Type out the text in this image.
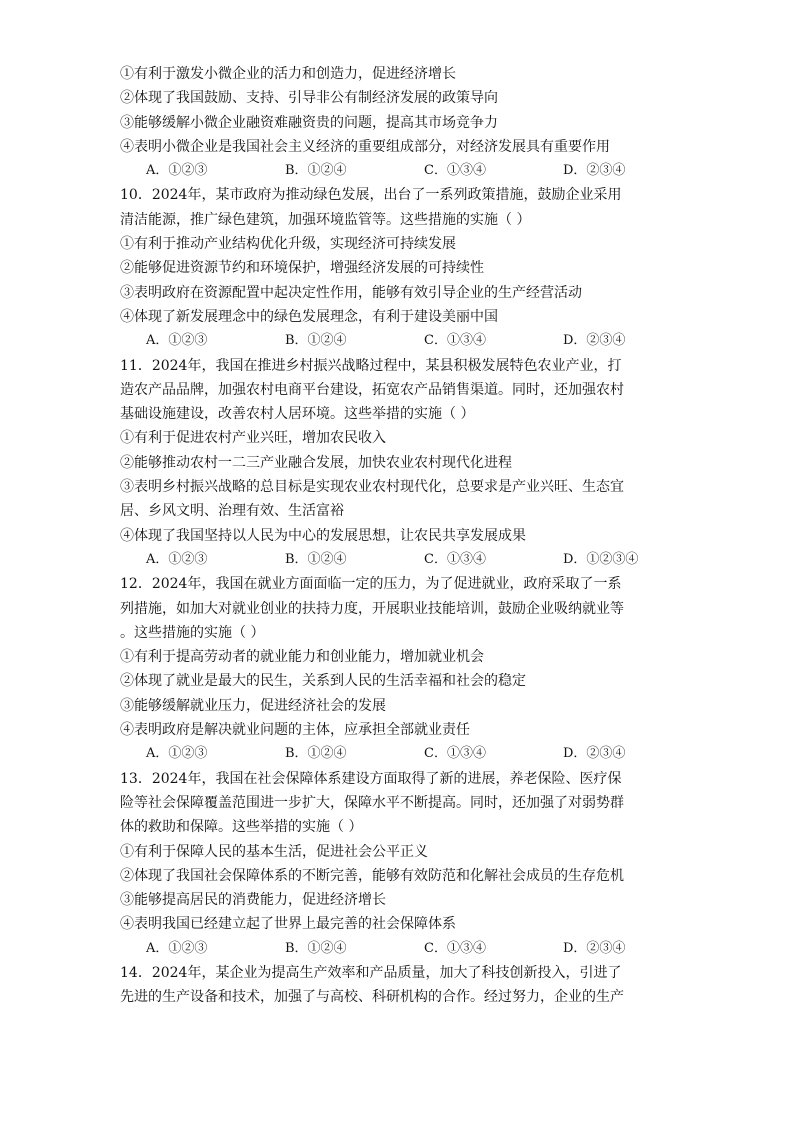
①有利于激发小微企业的活力和创造力，促进经济增长
②体现了我国鼓励、支持、引导非公有制经济发展的政策导向
③能够缓解小微企业融资难融资贵的问题，提高其市场竞争力
④表明小微企业是我国社会主义经济的重要组成部分，对经济发展具有重要作用
A．①②③	B．①②④	C．①③④	D．②③④
10．2024年，某市政府为推动绿色发展，出台了一系列政策措施，鼓励企业采用
清洁能源，推广绿色建筑，加强环境监管等。这些措施的实施（ ）
①有利于推动产业结构优化升级，实现经济可持续发展
②能够促进资源节约和环境保护，增强经济发展的可持续性
③表明政府在资源配置中起决定性作用，能够有效引导企业的生产经营活动
④体现了新发展理念中的绿色发展理念，有利于建设美丽中国
A．①②③	B．①②④	C．①③④	D．②③④
11．2024年，我国在推进乡村振兴战略过程中，某县积极发展特色农业产业，打
造农产品品牌，加强农村电商平台建设，拓宽农产品销售渠道。同时，还加强农村
基础设施建设，改善农村人居环境。这些举措的实施（ ）
①有利于促进农村产业兴旺，增加农民收入
②能够推动农村一二三产业融合发展，加快农业农村现代化进程
③表明乡村振兴战略的总目标是实现农业农村现代化，总要求是产业兴旺、生态宜
居、乡风文明、治理有效、生活富裕
④体现了我国坚持以人民为中心的发展思想，让农民共享发展成果
A．①②③	B．①②④	C．①③④	D．①②③④
12．2024年，我国在就业方面面临一定的压力，为了促进就业，政府采取了一系
列措施，如加大对就业创业的扶持力度，开展职业技能培训，鼓励企业吸纳就业等
。这些措施的实施（ ）
①有利于提高劳动者的就业能力和创业能力，增加就业机会
②体现了就业是最大的民生，关系到人民的生活幸福和社会的稳定
③能够缓解就业压力，促进经济社会的发展
④表明政府是解决就业问题的主体，应承担全部就业责任
A．①②③	B．①②④	C．①③④	D．②③④
13．2024年，我国在社会保障体系建设方面取得了新的进展，养老保险、医疗保
险等社会保障覆盖范围进一步扩大，保障水平不断提高。同时，还加强了对弱势群
体的救助和保障。这些举措的实施（ ）
①有利于保障人民的基本生活，促进社会公平正义
②体现了我国社会保障体系的不断完善，能够有效防范和化解社会成员的生存危机
③能够提高居民的消费能力，促进经济增长
④表明我国已经建立起了世界上最完善的社会保障体系
A．①②③	B．①②④	C．①③④	D．②③④
14．2024年，某企业为提高生产效率和产品质量，加大了科技创新投入，引进了
先进的生产设备和技术，加强了与高校、科研机构的合作。经过努力，企业的生产
